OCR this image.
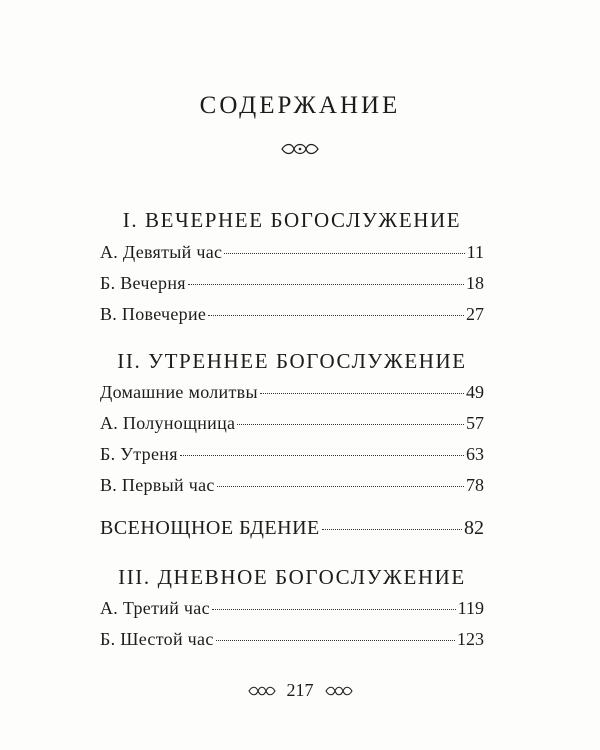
СОДЕРЖАНИЕ
I. ВЕЧЕРНЕЕ БОГОСЛУЖЕНИЕ
А. Девятый час	11
Б. Вечерня	18
В. Повечерие	27
II. УТРЕННЕЕ БОГОСЛУЖЕНИЕ
Домашние молитвы	49
А. Полунощница	57
Б. Утреня	63
В. Первый час	78
ВСЕНОЩНОЕ БДЕНИЕ	82
III. ДНЕВНОЕ БОГОСЛУЖЕНИЕ
А. Третий час	119
Б. Шестой час	123
217
